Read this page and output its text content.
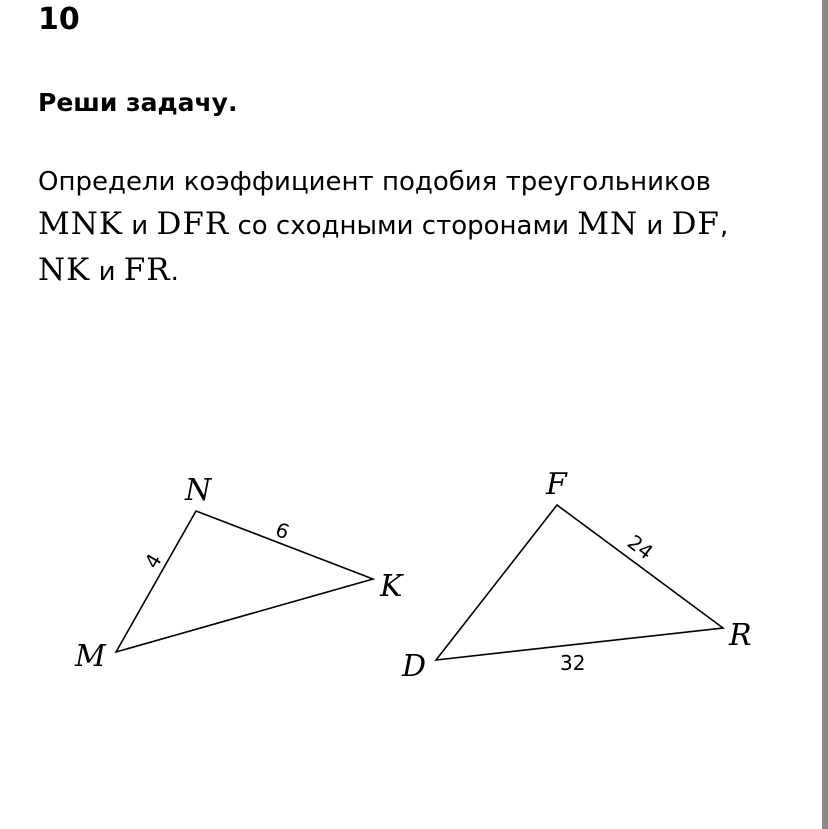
10
Реши задачу.
Определи коэффициент подобия треугольников
MNK и DFR со сходными сторонами MN и DF,
NK и FR.
M
N
K
4
6
D
F
R
24
32
